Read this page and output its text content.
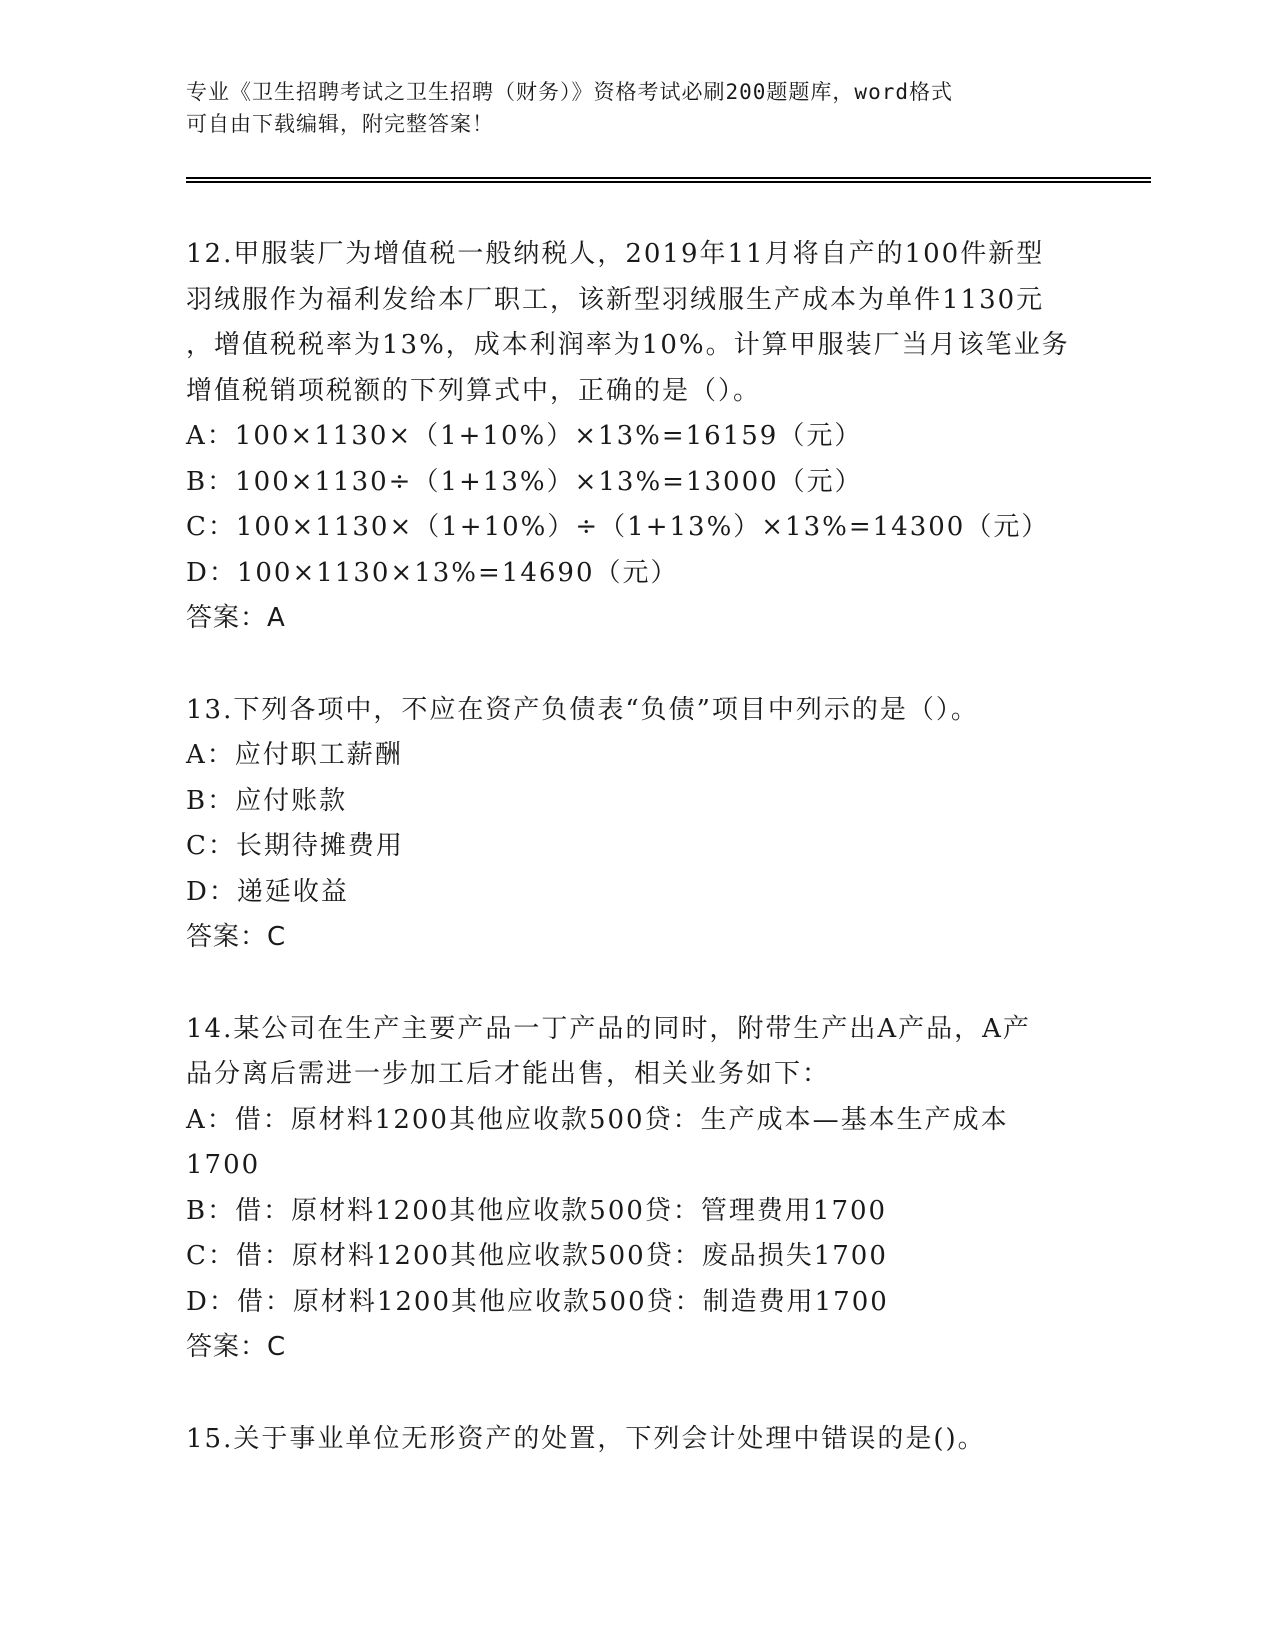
专业《卫生招聘考试之卫生招聘（财务）》资格考试必刷200题题库，word格式
可自由下载编辑，附完整答案！
12.甲服装厂为增值税一般纳税人，2019年11月将自产的100件新型
羽绒服作为福利发给本厂职工，该新型羽绒服生产成本为单件1130元
，增值税税率为13%，成本利润率为10%。计算甲服装厂当月该笔业务
增值税销项税额的下列算式中，正确的是（）。
A：100×1130×（1+10%）×13%=16159（元）
B：100×1130÷（1+13%）×13%=13000（元）
C：100×1130×（1+10%）÷（1+13%）×13%=14300（元）
D：100×1130×13%=14690（元）
答案：A
13.下列各项中，不应在资产负债表“负债”项目中列示的是（）。
A：应付职工薪酬
B：应付账款
C：长期待摊费用
D：递延收益
答案：C
14.某公司在生产主要产品一丁产品的同时，附带生产出A产品，A产
品分离后需进一步加工后才能出售，相关业务如下：
A：借：原材料1200其他应收款500贷：生产成本—基本生产成本
1700
B：借：原材料1200其他应收款500贷：管理费用1700
C：借：原材料1200其他应收款500贷：废品损失1700
D：借：原材料1200其他应收款500贷：制造费用1700
答案：C
15.关于事业单位无形资产的处置，下列会计处理中错误的是()。
